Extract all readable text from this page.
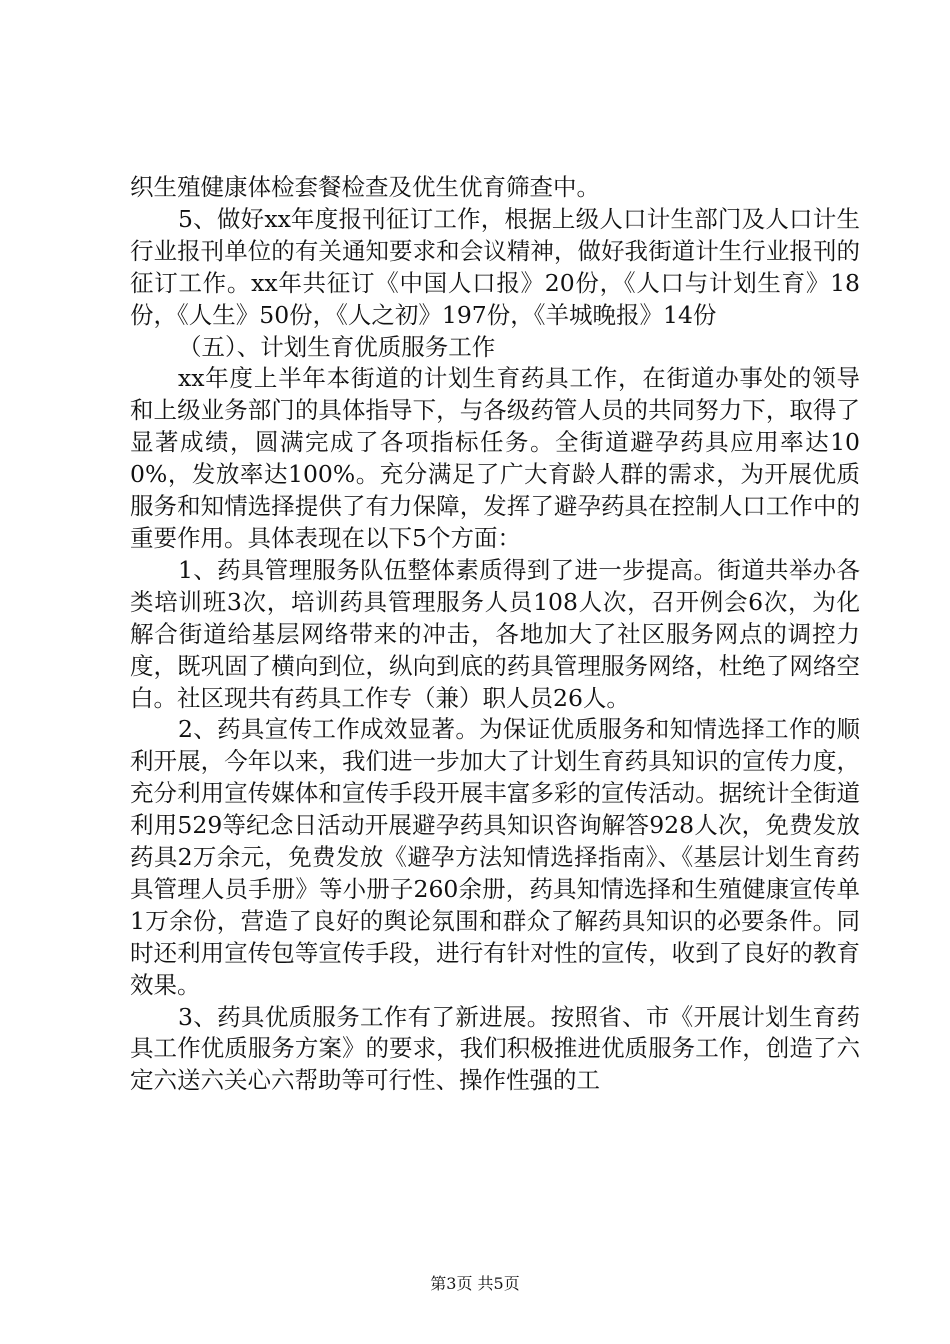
织生殖健康体检套餐检查及优生优育筛查中。

5、做好xx年度报刊征订工作，根据上级人口计生部门及人口计生行业报刊单位的有关通知要求和会议精神，做好我街道计生行业报刊的征订工作。xx年共征订《中国人口报》20份，《人口与计划生育》18份，《人生》50份，《人之初》197份，《羊城晚报》14份

（五）、计划生育优质服务工作

xx年度上半年本街道的计划生育药具工作，在街道办事处的领导和上级业务部门的具体指导下，与各级药管人员的共同努力下，取得了显著成绩，圆满完成了各项指标任务。全街道避孕药具应用率达100%，发放率达100%。充分满足了广大育龄人群的需求，为开展优质服务和知情选择提供了有力保障，发挥了避孕药具在控制人口工作中的重要作用。具体表现在以下5个方面：

1、药具管理服务队伍整体素质得到了进一步提高。街道共举办各类培训班3次，培训药具管理服务人员108人次，召开例会6次，为化解合街道给基层网络带来的冲击，各地加大了社区服务网点的调控力度，既巩固了横向到位，纵向到底的药具管理服务网络，杜绝了网络空白。社区现共有药具工作专（兼）职人员26人。

2、药具宣传工作成效显著。为保证优质服务和知情选择工作的顺利开展，今年以来，我们进一步加大了计划生育药具知识的宣传力度，充分利用宣传媒体和宣传手段开展丰富多彩的宣传活动。据统计全街道利用529等纪念日活动开展避孕药具知识咨询解答928人次，免费发放药具2万余元，免费发放《避孕方法知情选择指南》、《基层计划生育药具管理人员手册》等小册子260余册，药具知情选择和生殖健康宣传单1万余份，营造了良好的舆论氛围和群众了解药具知识的必要条件。同时还利用宣传包等宣传手段，进行有针对性的宣传，收到了良好的教育效果。

3、药具优质服务工作有了新进展。按照省、市《开展计划生育药具工作优质服务方案》的要求，我们积极推进优质服务工作，创造了六定六送六关心六帮助等可行性、操作性强的工

第3页 共5页
